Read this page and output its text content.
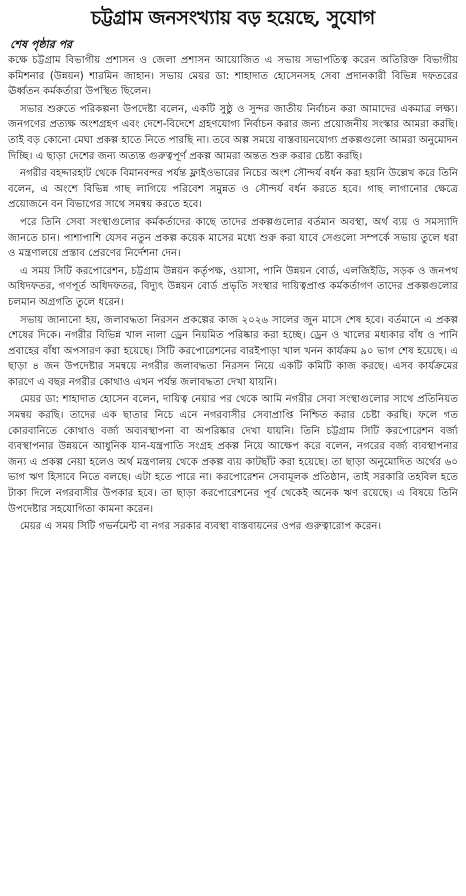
চট্টগ্রাম জনসংখ্যায় বড় হয়েছে, সুযোগ
শেষ পৃষ্ঠার পর

কক্ষে চট্টগ্রাম বিভাগীয় প্রশাসন ও জেলা প্রশাসন আয়োজিত এ সভায় সভাপতিত্ব করেন অতিরিক্ত বিভাগীয় কমিশনার (উন্নয়ন) শারমিন জাহান। সভায় মেয়র ডা: শাহাদাত হোসেনসহ সেবা প্রদানকারী বিভিন্ন দফতরের ঊর্ধ্বতন কর্মকর্তারা উপস্থিত ছিলেন।

সভার শুরুতে পরিকল্পনা উপদেষ্টা বলেন, একটি সুষ্ঠু ও সুন্দর জাতীয় নির্বাচন করা আমাদের একমাত্র লক্ষ্য। জনগণের প্রত্যক্ষ অংশগ্রহণ এবং দেশে-বিদেশে গ্রহণযোগ্য নির্বাচন করার জন্য প্রয়োজনীয় সংস্কার আমরা করছি। তাই বড় কোনো মেঘা প্রকল্প হাতে নিতে পারছি না। তবে অল্প সময়ে বাস্তবায়নযোগ্য প্রকল্পগুলো আমরা অনুমোদন দিচ্ছি। এ ছাড়া দেশের জন্য অত্যন্ত গুরুত্বপূর্ণ প্রকল্প আমরা অন্তত শুরু করার চেষ্টা করছি।

নগরীর বহদ্দারহাট থেকে বিমানবন্দর পর্যন্ত ফ্লাইওভারের নিচের অংশ সৌন্দর্য বর্ধন করা হয়নি উল্লেখ করে তিনি বলেন, এ অংশে বিভিন্ন গাছ লাগিয়ে পরিবেশ সমুন্নত ও সৌন্দর্য বর্ধন করতে হবে। গাছ লাগানোর ক্ষেত্রে প্রয়োজনে বন বিভাগের সাথে সমন্বয় করতে হবে।

পরে তিনি সেবা সংস্থাগুলোর কর্মকর্তাদের কাছে তাদের প্রকল্পগুলোর বর্তমান অবস্থা, অর্থ ব্যয় ও সমস্যাদি জানতে চান। পাশাপাশি যেসব নতুন প্রকল্প কয়েক মাসের মধ্যে শুরু করা যাবে সেগুলো সম্পর্কে সভায় তুলে ধরা ও মন্ত্রণালয়ে প্রস্তাব প্রেরণের নির্দেশনা দেন।

এ সময় সিটি করপোরেশন, চট্টগ্রাম উন্নয়ন কর্তৃপক্ষ, ওয়াসা, পানি উন্নয়ন বোর্ড, এলজিইডি, সড়ক ও জনপথ অধিদফতর, গণপূর্ত অধিদফতর, বিদ্যুৎ উন্নয়ন বোর্ড প্রভৃতি সংস্থার দায়িত্বপ্রাপ্ত কর্মকর্তাগণ তাদের প্রকল্পগুলোর চলমান অগ্রগতি তুলে ধরেন।

সভায় জানানো হয়, জলাবদ্ধতা নিরসন প্রকল্পের কাজ ২০২৬ সালের জুন মাসে শেষ হবে। বর্তমানে এ প্রকল্প শেষের দিকে। নগরীর বিভিন্ন খাল নালা ড্রেন নিয়মিত পরিষ্কার করা হচ্ছে। ড্রেন ও খালের মধ্যকার বাঁধ ও পানি প্রবাহের বাঁধা অপসারণ করা হয়েছে। সিটি করপোরেশনের বারইপাড়া খাল খনন কার্যক্রম ৯০ ভাগ শেষ হয়েছে। এ ছাড়া ৪ জন উপদেষ্টার সমন্বয়ে নগরীর জলাবদ্ধতা নিরসন নিয়ে একটি কমিটি কাজ করছে। এসব কার্যক্রমের কারণে এ বছর নগরীর কোথাও এখন পর্যন্ত জলাবদ্ধতা দেখা যায়নি।

মেয়র ডা: শাহাদাত হোসেন বলেন, দায়িত্ব নেয়ার পর থেকে আমি নগরীর সেবা সংস্থাগুলোর সাথে প্রতিনিয়ত সমন্বয় করছি। তাদের এক ছাতার নিচে এনে নগরবাসীর সেবাপ্রাপ্তি নিশ্চিত করার চেষ্টা করছি। ফলে গত কোরবানিতে কোথাও বর্জ্য অব্যবস্থাপনা বা অপরিষ্কার দেখা যায়নি। তিনি চট্টগ্রাম সিটি করপোরেশন বর্জ্য ব্যবস্থাপনার উন্নয়নে আধুনিক যান-যন্ত্রপাতি সংগ্রহ প্রকল্প নিয়ে আক্ষেপ করে বলেন, নগরের বর্জ্য ব্যবস্থাপনার জন্য এ প্রকল্প নেয়া হলেও অর্থ মন্ত্রণালয় থেকে প্রকল্প ব্যয় কাটছাঁট করা হয়েছে। তা ছাড়া অনুমোদিত অর্থের ৬০ ভাগ ঋণ হিসাবে নিতে বলছে। এটা হতে পারে না। করপোরেশন সেবামূলক প্রতিষ্ঠান, তাই সরকারি তহবিল হতে টাকা দিলে নগরবাসীর উপকার হবে। তা ছাড়া করপোরেশনের পূর্ব থেকেই অনেক ঋণ রয়েছে। এ বিষয়ে তিনি উপদেষ্টার সহযোগিতা কামনা করেন।

মেয়র এ সময় সিটি গভর্নমেন্ট বা নগর সরকার ব্যবস্থা বাস্তবায়নের ওপর গুরুত্বারোপ করেন।
